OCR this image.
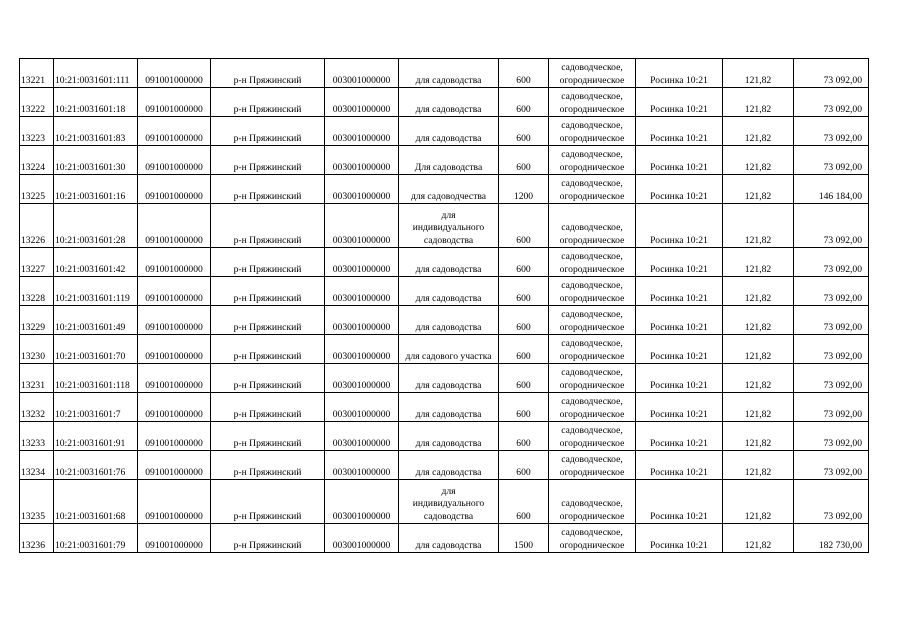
13221	10:21:0031601:111	091001000000	р-н Пряжинский	003001000000	для садоводства	600	садоводческое,
огородническое	Росинка 10:21	121,82	73 092,00
13222	10:21:0031601:18	091001000000	р-н Пряжинский	003001000000	для садоводства	600	садоводческое,
огородническое	Росинка 10:21	121,82	73 092,00
13223	10:21:0031601:83	091001000000	р-н Пряжинский	003001000000	для садоводства	600	садоводческое,
огородническое	Росинка 10:21	121,82	73 092,00
13224	10:21:0031601:30	091001000000	р-н Пряжинский	003001000000	Для садоводства	600	садоводческое,
огородническое	Росинка 10:21	121,82	73 092,00
13225	10:21:0031601:16	091001000000	р-н Пряжинский	003001000000	для садоводчества	1200	садоводческое,
огородническое	Росинка 10:21	121,82	146 184,00
13226	10:21:0031601:28	091001000000	р-н Пряжинский	003001000000	для
индивидуального
садоводства	600	садоводческое,
огородническое	Росинка 10:21	121,82	73 092,00
13227	10:21:0031601:42	091001000000	р-н Пряжинский	003001000000	для садоводства	600	садоводческое,
огородническое	Росинка 10:21	121,82	73 092,00
13228	10:21:0031601:119	091001000000	р-н Пряжинский	003001000000	для садоводства	600	садоводческое,
огородническое	Росинка 10:21	121,82	73 092,00
13229	10:21:0031601:49	091001000000	р-н Пряжинский	003001000000	для садоводства	600	садоводческое,
огородническое	Росинка 10:21	121,82	73 092,00
13230	10:21:0031601:70	091001000000	р-н Пряжинский	003001000000	для садового участка	600	садоводческое,
огородническое	Росинка 10:21	121,82	73 092,00
13231	10:21:0031601:118	091001000000	р-н Пряжинский	003001000000	для садоводства	600	садоводческое,
огородническое	Росинка 10:21	121,82	73 092,00
13232	10:21:0031601:7	091001000000	р-н Пряжинский	003001000000	для садоводства	600	садоводческое,
огородническое	Росинка 10:21	121,82	73 092,00
13233	10:21:0031601:91	091001000000	р-н Пряжинский	003001000000	для садоводства	600	садоводческое,
огородническое	Росинка 10:21	121,82	73 092,00
13234	10:21:0031601:76	091001000000	р-н Пряжинский	003001000000	для садоводства	600	садоводческое,
огородническое	Росинка 10:21	121,82	73 092,00
13235	10:21:0031601:68	091001000000	р-н Пряжинский	003001000000	для
индивидуального
садоводства	600	садоводческое,
огородническое	Росинка 10:21	121,82	73 092,00
13236	10:21:0031601:79	091001000000	р-н Пряжинский	003001000000	для садоводства	1500	садоводческое,
огородническое	Росинка 10:21	121,82	182 730,00
